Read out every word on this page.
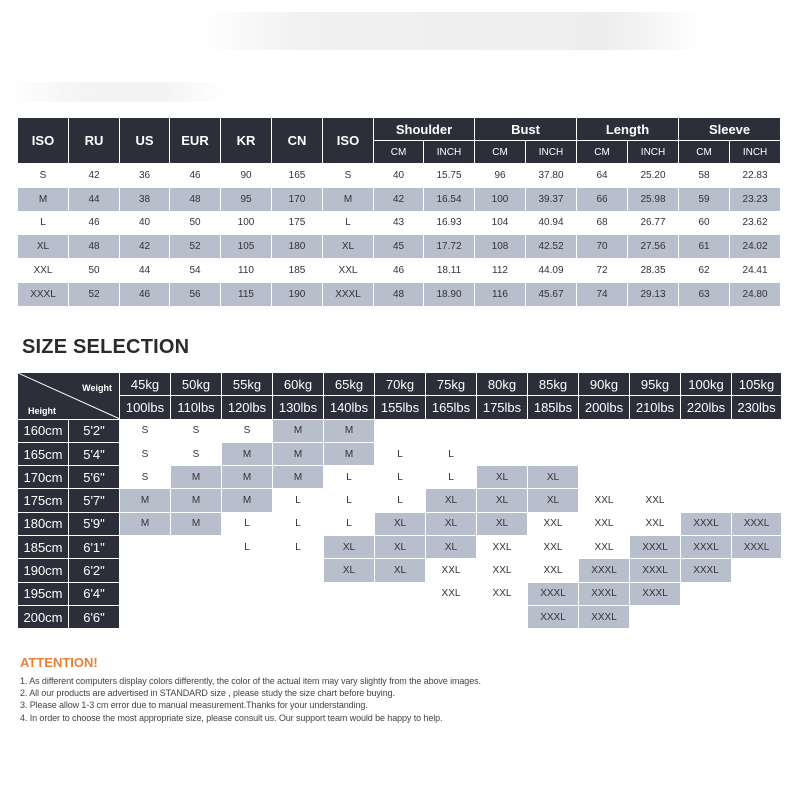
ISO	RU	US	EUR	KR	CN	ISO	Shoulder		Bust		Length		Sleeve	
							CM	INCH	CM	INCH	CM	INCH	CM	INCH
S	42	36	46	90	165	S	40	15.75	96	37.80	64	25.20	58	22.83
M	44	38	48	95	170	M	42	16.54	100	39.37	66	25.98	59	23.23
L	46	40	50	100	175	L	43	16.93	104	40.94	68	26.77	60	23.62
XL	48	42	52	105	180	XL	45	17.72	108	42.52	70	27.56	61	24.02
XXL	50	44	54	110	185	XXL	46	18.11	112	44.09	72	28.35	62	24.41
XXXL	52	46	56	115	190	XXXL	48	18.90	116	45.67	74	29.13	63	24.80
SIZE SELECTION
Weight
Height		45kg	50kg	55kg	60kg	65kg	70kg	75kg	80kg	85kg	90kg	95kg	100kg	105kg
		100lbs	110lbs	120lbs	130lbs	140lbs	155lbs	165lbs	175lbs	185lbs	200lbs	210lbs	220lbs	230lbs
160cm	5'2"	S	S	S	M	M								
165cm	5'4"	S	S	M	M	M	L	L						
170cm	5'6"	S	M	M	M	L	L	L	XL	XL				
175cm	5'7"	M	M	M	L	L	L	XL	XL	XL	XXL	XXL		
180cm	5'9"	M	M	L	L	L	XL	XL	XL	XXL	XXL	XXL	XXXL	XXXL
185cm	6'1"			L	L	XL	XL	XL	XXL	XXL	XXL	XXXL	XXXL	XXXL
190cm	6'2"					XL	XL	XXL	XXL	XXL	XXXL	XXXL	XXXL	
195cm	6'4"							XXL	XXL	XXXL	XXXL	XXXL		
200cm	6'6"									XXXL	XXXL			
ATTENTION!
1. As different computers display colors differently, the color of the actual item may vary slightly from the above images.
2. All our products are advertised in STANDARD size , please study the size chart before buying.
3. Please allow 1-3 cm error due to manual measurement.Thanks for your understanding.
4. In order to choose the most appropriate size, please consult us. Our support team would be happy to help.
